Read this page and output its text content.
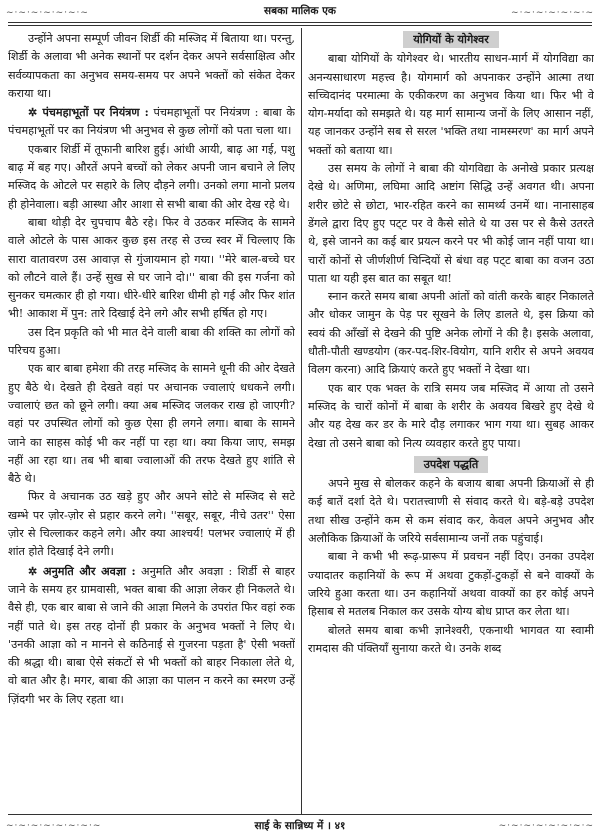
~·~·~·~·~·~·~	सबका मालिक एक	~·~·~·~·~·~·~

उन्होंने अपना सम्पूर्ण जीवन शिर्डी की मस्जिद में बिताया था। परन्तु, शिर्डी के अलावा भी अनेक स्थानों पर दर्शन देकर अपने सर्वसाक्षित्व और सर्वव्यापकता का अनुभव समय-समय पर अपने भक्तों को संकेत देकर कराया था।

✲ पंचमहाभूतों पर नियंत्रण : पंचमहाभूतों पर नियंत्रण : बाबा के पंचमहाभूतों पर का नियंत्रण भी अनुभव से कुछ लोगों को पता चला था।

एकबार शिर्डी में तूफानी बारिश हुई। आंधी आयी, बाढ़ आ गई, पशु बाढ़ में बह गए। औरतें अपने बच्चों को लेकर अपनी जान बचाने ले लिए मस्जिद के ओटले पर सहारे के लिए दौड़ने लगी। उनको लगा मानो प्रलय ही होनेवाला। बड़ी आस्था और आशा से सभी बाबा की ओर देख रहे थे।

बाबा थोड़ी देर चुपचाप बैठे रहे। फिर वे उठकर मस्जिद के सामने वाले ओटले के पास आकर कुछ इस तरह से उच्च स्वर में चिल्लाए कि सारा वातावरण उस आवाज़ से गुंजायमान हो गया। ''मेरे बाल-बच्चे घर को लौटने वाले हैं। उन्हें सुख से घर जाने दो।'' बाबा की इस गर्जना को सुनकर चमत्कार ही हो गया। धीरे-धीरे बारिश धीमी हो गई और फिर शांत भी! आकाश में पुन: तारे दिखाई देने लगे और सभी हर्षित हो गए।

उस दिन प्रकृति को भी मात देने वाली बाबा की शक्ति का लोगों को परिचय हुआ।

एक बार बाबा हमेशा की तरह मस्जिद के सामने धूनी की ओर देखते हुए बैठे थे। देखते ही देखते वहां पर अचानक ज्वालाएं धधकने लगी। ज्वालाएं छत को छूने लगी। क्या अब मस्जिद जलकर राख हो जाएगी? वहां पर उपस्थित लोगों को कुछ ऐसा ही लगने लगा। बाबा के सामने जाने का साहस कोई भी कर नहीं पा रहा था। क्या किया जाए, समझ नहीं आ रहा था। तब भी बाबा ज्वालाओं की तरफ देखते हुए शांति से बैठे थे।

फिर वे अचानक उठ खड़े हुए और अपने सोटे से मस्जिद से सटे खम्भे पर ज़ोर-ज़ोर से प्रहार करने लगे। ''सबूर, सबूर, नीचे उतर'' ऐसा ज़ोर से चिल्लाकर कहने लगे। और क्या आश्चर्य! पलभर ज्वालाएं में ही शांत होते दिखाई देने लगी।

✲ अनुमति और अवज्ञा : अनुमति और अवज्ञा : शिर्डी से बाहर जाने के समय हर ग्रामवासी, भक्त बाबा की आज्ञा लेकर ही निकलते थे। वैसे ही, एक बार बाबा से जाने की आज्ञा मिलने के उपरांत फिर वहां रुक नहीं पाते थे। इस तरह दोनों ही प्रकार के अनुभव भक्तों ने लिए थे। 'उनकी आज्ञा को न मानने से कठिनाई से गुजरना पड़ता है' ऐसी भक्तों की श्रद्धा थी। बाबा ऐसे संकटों से भी भक्तों को बाहर निकाला लेते थे, वो बात और है। मगर, बाबा की आज्ञा का पालन न करने का स्मरण उन्हें ज़िंदगी भर के लिए रहता था।

योगियों के योगेश्वर

बाबा योगियों के योगेश्वर थे। भारतीय साधन-मार्ग में योगविद्या का अनन्यसाधारण महत्त्व है। योगमार्ग को अपनाकर उन्होंने आत्मा तथा सच्चिदानंद परमात्मा के एकीकरण का अनुभव किया था। फिर भी वे योग-मर्यादा को समझते थे। यह मार्ग सामान्य जनों के लिए आसान नहीं, यह जानकर उन्होंने सब से सरल 'भक्ति तथा नामस्मरण' का मार्ग अपने भक्तों को बताया था।

उस समय के लोगों ने बाबा की योगविद्या के अनोखे प्रकार प्रत्यक्ष देखे थे। अणिमा, लघिमा आदि अष्टांग सिद्धि उन्हें अवगत थी। अपना शरीर छोटे से छोटा, भार-रहित करने का सामर्थ्य उनमें था। नानासाहब डेंगले द्वारा दिए हुए पट्‍ट पर वे कैसे सोते थे या उस पर से कैसे उतरते थे, इसे जानने का कई बार प्रयत्न करने पर भी कोई जान नहीं पाया था। चारों कोनों से जीर्णशीर्ण चिन्दियों से बंधा वह पट्‍ट बाबा का वजन उठा पाता था यही इस बात का सबूत था!

स्नान करते समय बाबा अपनी आंतों को वांती करके बाहर निकालते और धोकर जामुन के पेड़ पर सूखने के लिए डालते थे, इस क्रिया को स्वयं की आँखों से देखने की पुष्टि अनेक लोगों ने की है। इसके अलावा, धौती-पौती खण्डयोग (कर-पद-शिर-वियोग, यानि शरीर से अपने अवयव विलग करना) आदि क्रियाएं करते हुए भक्तों ने देखा था।

एक बार एक भक्त के रात्रि समय जब मस्जिद में आया तो उसने मस्जिद के चारों कोनों में बाबा के शरीर के अवयव बिखरे हुए देखे थे और यह देख कर डर के मारे दौड़ लगाकर भाग गया था। सुबह आकर देखा तो उसने बाबा को नित्य व्यवहार करते हुए पाया।

उपदेश पद्धति

अपने मुख से बोलकर कहने के बजाय बाबा अपनी क्रियाओं से ही कई बातें दर्शा देते थे। परातत्त्वाणी से संवाद करते थे। बड़े-बड़े उपदेश तथा सीख उन्होंने कम से कम संवाद कर, केवल अपने अनुभव और अलौकिक क्रियाओं के जरिये सर्वसामान्य जनों तक पहुंचाई।

बाबा ने कभी भी रूढ़-प्रारूप में प्रवचन नहीं दिए। उनका उपदेश ज्यादातर कहानियों के रूप में अथवा टुकड़ों-टुकड़ों से बने वाक्यों के जरिये हुआ करता था। उन कहानियों अथवा वाक्यों का हर कोई अपने हिसाब से मतलब निकाल कर उसके योग्य बोध प्राप्त कर लेता था।

बोलते समय बाबा कभी ज्ञानेश्वरी, एकनाथी भागवत या स्वामी रामदास की पंक्तियाँ सुनाया करते थे। उनके शब्द

~·~·~·~·~·~·~·~	साई के सान्निध्य में । ४१	~·~·~·~·~·~·~·~
